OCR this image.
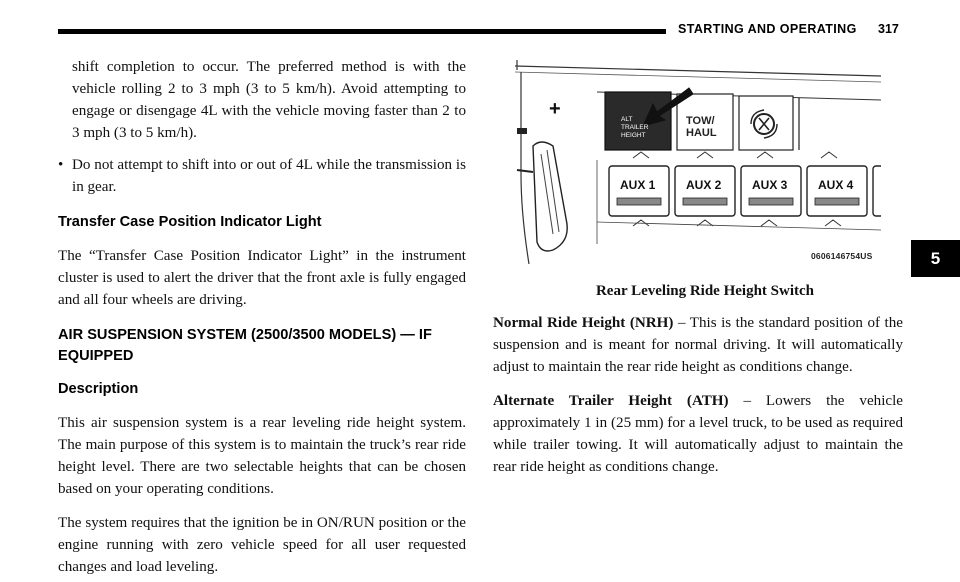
STARTING AND OPERATING 317
5

shift completion to occur. The preferred method is with the vehicle rolling 2 to 3 mph (3 to 5 km/h). Avoid attempting to engage or disengage 4L with the vehicle moving faster than 2 to 3 mph (3 to 5 km/h).

• Do not attempt to shift into or out of 4L while the transmission is in gear.

Transfer Case Position Indicator Light

The “Transfer Case Position Indicator Light” in the instrument cluster is used to alert the driver that the front axle is fully engaged and all four wheels are driving.

AIR SUSPENSION SYSTEM (2500/3500 MODELS) — IF EQUIPPED
Description

This air suspension system is a rear leveling ride height system. The main purpose of this system is to maintain the truck’s rear ride height level. There are two selectable heights that can be chosen based on your operating conditions.

The system requires that the ignition be in ON/RUN position or the engine running with zero vehicle speed for all user requested changes and load leveling.

+	ALT
TRAILER
HEIGHT
TOW/
HAUL
AUX 1	AUX 2	AUX 3	AUX 4
0606146754US
Rear Leveling Ride Height Switch

Normal Ride Height (NRH) – This is the standard position of the suspension and is meant for normal driving. It will automatically adjust to maintain the rear ride height as conditions change.

Alternate Trailer Height (ATH) – Lowers the vehicle approximately 1 in (25 mm) for a level truck, to be used as required while trailer towing. It will automatically adjust to maintain the rear ride height as conditions change.
